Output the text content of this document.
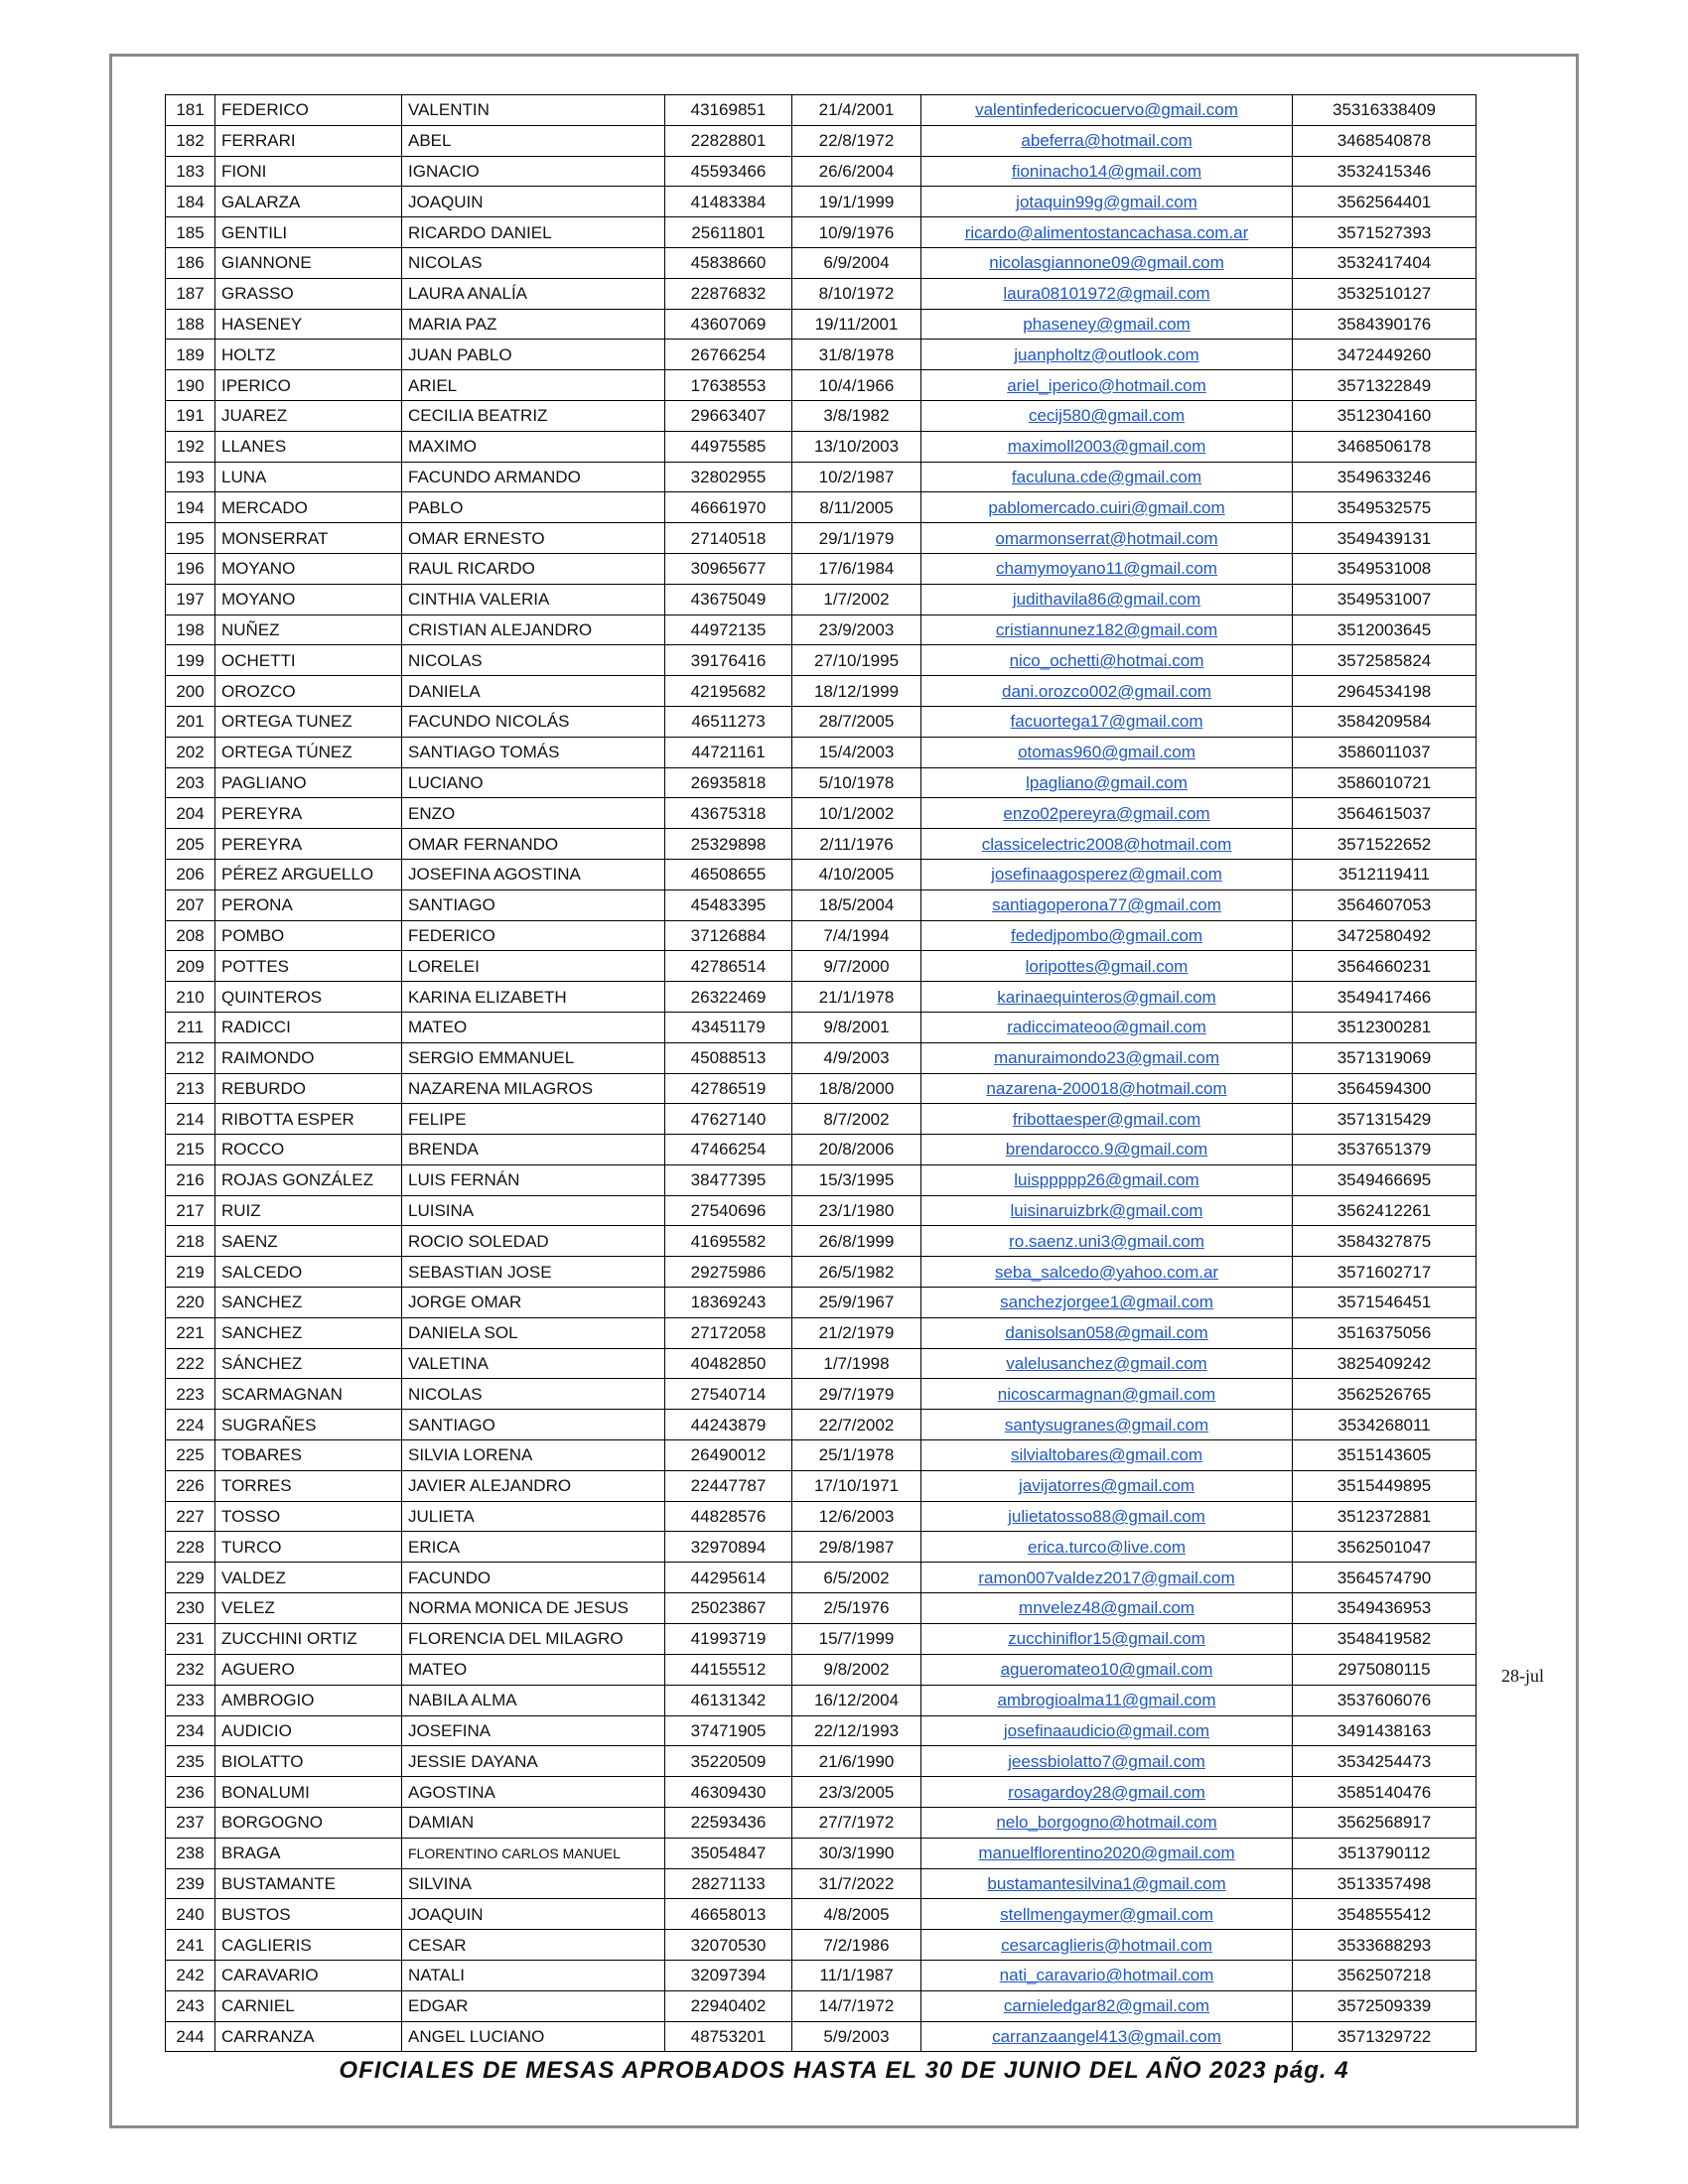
181	FEDERICO	VALENTIN	43169851	21/4/2001	valentinfedericocuervo@gmail.com	35316338409
182	FERRARI	ABEL	22828801	22/8/1972	abeferra@hotmail.com	3468540878
183	FIONI	IGNACIO	45593466	26/6/2004	fioninacho14@gmail.com	3532415346
184	GALARZA	JOAQUIN	41483384	19/1/1999	jotaquin99g@gmail.com	3562564401
185	GENTILI	RICARDO DANIEL	25611801	10/9/1976	ricardo@alimentostancachasa.com.ar	3571527393
186	GIANNONE	NICOLAS	45838660	6/9/2004	nicolasgiannone09@gmail.com	3532417404
187	GRASSO	LAURA ANALÍA	22876832	8/10/1972	laura08101972@gmail.com	3532510127
188	HASENEY	MARIA PAZ	43607069	19/11/2001	phaseney@gmail.com	3584390176
189	HOLTZ	JUAN PABLO	26766254	31/8/1978	juanpholtz@outlook.com	3472449260
190	IPERICO	ARIEL	17638553	10/4/1966	ariel_iperico@hotmail.com	3571322849
191	JUAREZ	CECILIA BEATRIZ	29663407	3/8/1982	cecij580@gmail.com	3512304160
192	LLANES	MAXIMO	44975585	13/10/2003	maximoll2003@gmail.com	3468506178
193	LUNA	FACUNDO ARMANDO	32802955	10/2/1987	faculuna.cde@gmail.com	3549633246
194	MERCADO	PABLO	46661970	8/11/2005	pablomercado.cuiri@gmail.com	3549532575
195	MONSERRAT	OMAR ERNESTO	27140518	29/1/1979	omarmonserrat@hotmail.com	3549439131
196	MOYANO	RAUL RICARDO	30965677	17/6/1984	chamymoyano11@gmail.com	3549531008
197	MOYANO	CINTHIA VALERIA	43675049	1/7/2002	judithavila86@gmail.com	3549531007
198	NUÑEZ	CRISTIAN ALEJANDRO	44972135	23/9/2003	cristiannunez182@gmail.com	3512003645
199	OCHETTI	NICOLAS	39176416	27/10/1995	nico_ochetti@hotmai.com	3572585824
200	OROZCO	DANIELA	42195682	18/12/1999	dani.orozco002@gmail.com	2964534198
201	ORTEGA TUNEZ	FACUNDO NICOLÁS	46511273	28/7/2005	facuortega17@gmail.com	3584209584
202	ORTEGA TÚNEZ	SANTIAGO TOMÁS	44721161	15/4/2003	otomas960@gmail.com	3586011037
203	PAGLIANO	LUCIANO	26935818	5/10/1978	lpagliano@gmail.com	3586010721
204	PEREYRA	ENZO	43675318	10/1/2002	enzo02pereyra@gmail.com	3564615037
205	PEREYRA	OMAR FERNANDO	25329898	2/11/1976	classicelectric2008@hotmail.com	3571522652
206	PÉREZ ARGUELLO	JOSEFINA AGOSTINA	46508655	4/10/2005	josefinaagosperez@gmail.com	3512119411
207	PERONA	SANTIAGO	45483395	18/5/2004	santiagoperona77@gmail.com	3564607053
208	POMBO	FEDERICO	37126884	7/4/1994	fededjpombo@gmail.com	3472580492
209	POTTES	LORELEI	42786514	9/7/2000	loripottes@gmail.com	3564660231
210	QUINTEROS	KARINA ELIZABETH	26322469	21/1/1978	karinaequinteros@gmail.com	3549417466
211	RADICCI	MATEO	43451179	9/8/2001	radiccimateoo@gmail.com	3512300281
212	RAIMONDO	SERGIO EMMANUEL	45088513	4/9/2003	manuraimondo23@gmail.com	3571319069
213	REBURDO	NAZARENA MILAGROS	42786519	18/8/2000	nazarena-200018@hotmail.com	3564594300
214	RIBOTTA ESPER	FELIPE	47627140	8/7/2002	fribottaesper@gmail.com	3571315429
215	ROCCO	BRENDA	47466254	20/8/2006	brendarocco.9@gmail.com	3537651379
216	ROJAS GONZÁLEZ	LUIS FERNÁN	38477395	15/3/1995	luisppppp26@gmail.com	3549466695
217	RUIZ	LUISINA	27540696	23/1/1980	luisinaruizbrk@gmail.com	3562412261
218	SAENZ	ROCIO SOLEDAD	41695582	26/8/1999	ro.saenz.uni3@gmail.com	3584327875
219	SALCEDO	SEBASTIAN JOSE	29275986	26/5/1982	seba_salcedo@yahoo.com.ar	3571602717
220	SANCHEZ	JORGE OMAR	18369243	25/9/1967	sanchezjorgee1@gmail.com	3571546451
221	SANCHEZ	DANIELA SOL	27172058	21/2/1979	danisolsan058@gmail.com	3516375056
222	SÁNCHEZ	VALETINA	40482850	1/7/1998	valelusanchez@gmail.com	3825409242
223	SCARMAGNAN	NICOLAS	27540714	29/7/1979	nicoscarmagnan@gmail.com	3562526765
224	SUGRAÑES	SANTIAGO	44243879	22/7/2002	santysugranes@gmail.com	3534268011
225	TOBARES	SILVIA LORENA	26490012	25/1/1978	silvialtobares@gmail.com	3515143605
226	TORRES	JAVIER ALEJANDRO	22447787	17/10/1971	javijatorres@gmail.com	3515449895
227	TOSSO	JULIETA	44828576	12/6/2003	julietatosso88@gmail.com	3512372881
228	TURCO	ERICA	32970894	29/8/1987	erica.turco@live.com	3562501047
229	VALDEZ	FACUNDO	44295614	6/5/2002	ramon007valdez2017@gmail.com	3564574790
230	VELEZ	NORMA MONICA DE JESUS	25023867	2/5/1976	mnvelez48@gmail.com	3549436953
231	ZUCCHINI ORTIZ	FLORENCIA DEL MILAGRO	41993719	15/7/1999	zucchiniflor15@gmail.com	3548419582
232	AGUERO	MATEO	44155512	9/8/2002	agueromateo10@gmail.com	2975080115
233	AMBROGIO	NABILA ALMA	46131342	16/12/2004	ambrogioalma11@gmail.com	3537606076
234	AUDICIO	JOSEFINA	37471905	22/12/1993	josefinaaudicio@gmail.com	3491438163
235	BIOLATTO	JESSIE DAYANA	35220509	21/6/1990	jeessbiolatto7@gmail.com	3534254473
236	BONALUMI	AGOSTINA	46309430	23/3/2005	rosagardoy28@gmail.com	3585140476
237	BORGOGNO	DAMIAN	22593436	27/7/1972	nelo_borgogno@hotmail.com	3562568917
238	BRAGA	FLORENTINO CARLOS MANUEL	35054847	30/3/1990	manuelflorentino2020@gmail.com	3513790112
239	BUSTAMANTE	SILVINA	28271133	31/7/2022	bustamantesilvina1@gmail.com	3513357498
240	BUSTOS	JOAQUIN	46658013	4/8/2005	stellmengaymer@gmail.com	3548555412
241	CAGLIERIS	CESAR	32070530	7/2/1986	cesarcaglieris@hotmail.com	3533688293
242	CARAVARIO	NATALI	32097394	11/1/1987	nati_caravario@hotmail.com	3562507218
243	CARNIEL	EDGAR	22940402	14/7/1972	carnieledgar82@gmail.com	3572509339
244	CARRANZA	ANGEL LUCIANO	48753201	5/9/2003	carranzaangel413@gmail.com	3571329722
28-jul
OFICIALES DE MESAS APROBADOS HASTA EL 30 DE JUNIO DEL AÑO 2023 pág. 4
